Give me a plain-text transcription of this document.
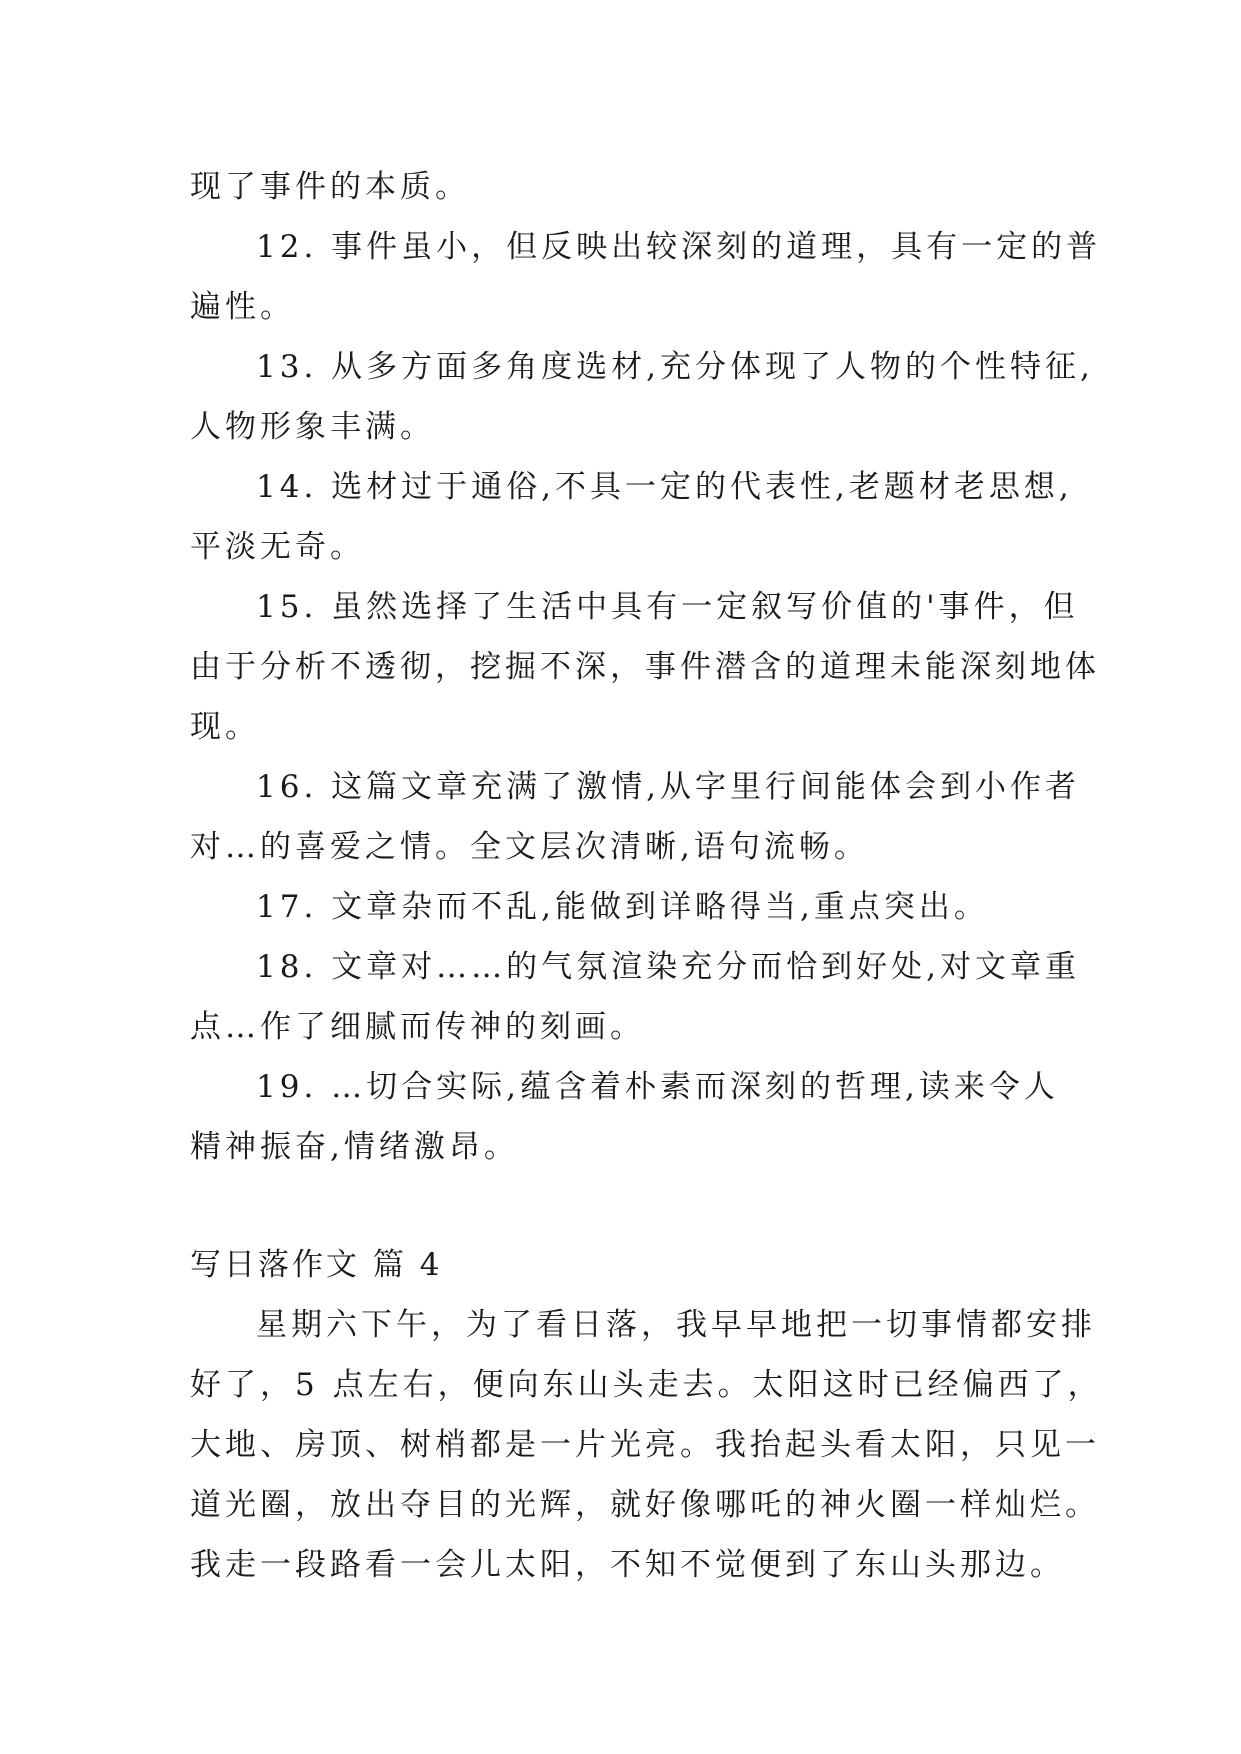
现了事件的本质。
12. 事件虽小，但反映出较深刻的道理，具有一定的普
遍性。
13. 从多方面多角度选材,充分体现了人物的个性特征,
人物形象丰满。
14. 选材过于通俗,不具一定的代表性,老题材老思想,
平淡无奇。
15. 虽然选择了生活中具有一定叙写价值的'事件，但
由于分析不透彻，挖掘不深，事件潜含的道理未能深刻地体
现。
16. 这篇文章充满了激情,从字里行间能体会到小作者
对…的喜爱之情。全文层次清晰,语句流畅。
17. 文章杂而不乱,能做到详略得当,重点突出。
18. 文章对……的气氛渲染充分而恰到好处,对文章重
点…作了细腻而传神的刻画。
19. …切合实际,蕴含着朴素而深刻的哲理,读来令人
精神振奋,情绪激昂。
写日落作文 篇 4
星期六下午，为了看日落，我早早地把一切事情都安排
好了，5 点左右，便向东山头走去。太阳这时已经偏西了，
大地、房顶、树梢都是一片光亮。我抬起头看太阳，只见一
道光圈，放出夺目的光辉，就好像哪吒的神火圈一样灿烂。
我走一段路看一会儿太阳，不知不觉便到了东山头那边。
